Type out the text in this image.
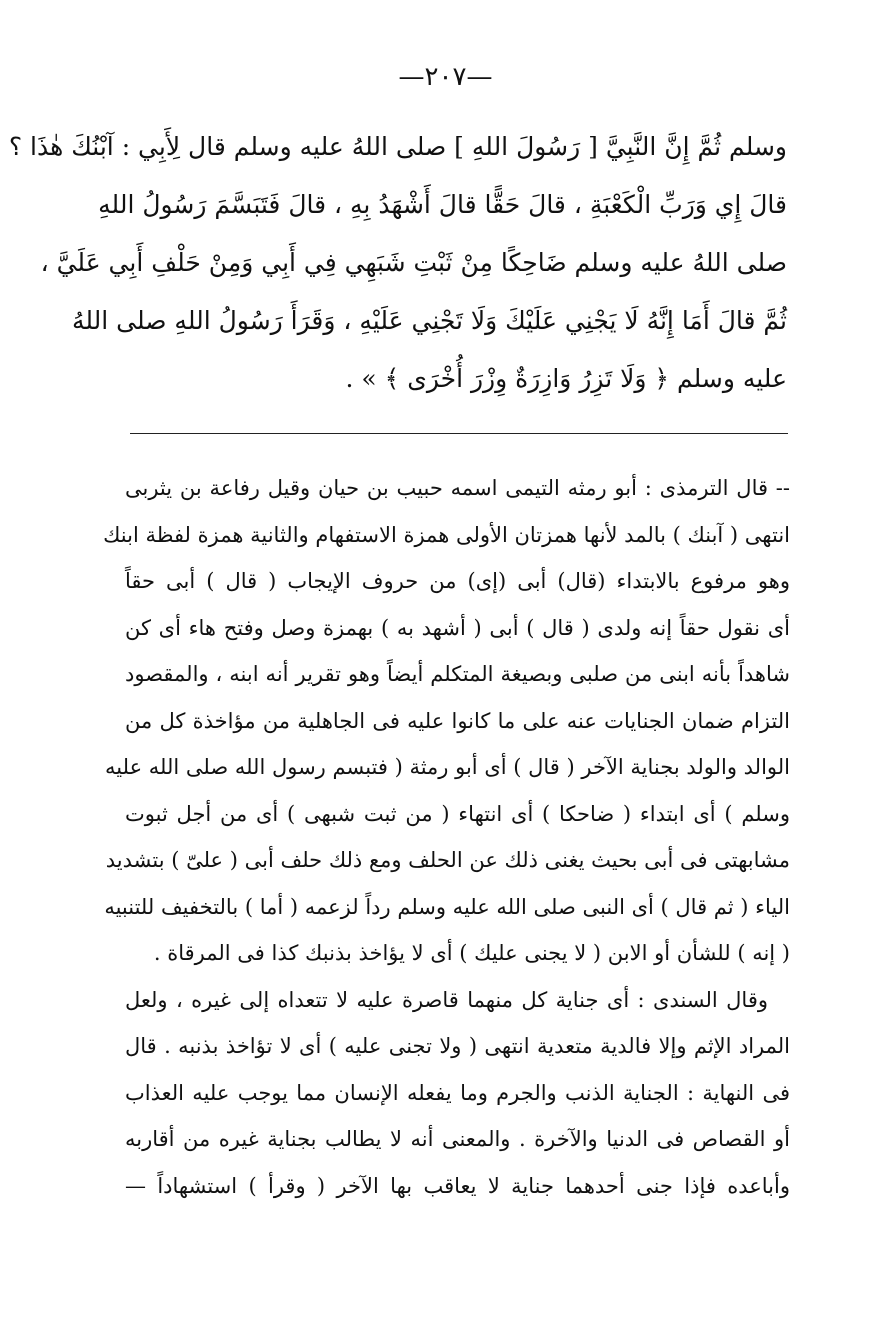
—٢٠٧—
وسلم ثُمَّ إِنَّ النَّبِيَّ [ رَسُولَ اللهِ ] صلى اللهُ عليه وسلم قال لِأَبِي : آبْنُكَ هٰذَا ؟
قالَ إِي وَرَبِّ الْكَعْبَةِ ، قالَ حَقًّا قالَ أَشْهَدُ بِهِ ، قالَ فَتَبَسَّمَ رَسُولُ اللهِ
صلى اللهُ عليه وسلم ضَاحِكًا مِنْ ثَبْتِ شَبَهِي فِي أَبِي وَمِنْ حَلْفِ أَبِي عَلَيَّ ،
ثُمَّ قالَ أَمَا إِنَّهُ لَا يَجْنِي عَلَيْكَ وَلَا تَجْنِي عَلَيْهِ ، وَقَرَأَ رَسُولُ اللهِ صلى اللهُ
عليه وسلم ﴿ وَلَا تَزِرُ وَازِرَةٌ وِزْرَ أُخْرَى ﴾ » .
-- قال الترمذى : أبو رمثه التيمى اسمه حبيب بن حيان وقيل رفاعة بن يثربى
انتهى ( آبنك ) بالمد لأنها همزتان الأولى همزة الاستفهام والثانية همزة لفظة ابنك
وهو مرفوع بالابتداء (قال) أبى (إى) من حروف الإيجاب ( قال ) أبى حقاً
أى نقول حقاً إنه ولدى ( قال ) أبى ( أشهد به ) بهمزة وصل وفتح هاء أى كن
شاهداً بأنه ابنى من صلبى وبصيغة المتكلم أيضاً وهو تقرير أنه ابنه ، والمقصود
التزام ضمان الجنايات عنه على ما كانوا عليه فى الجاهلية من مؤاخذة كل من
الوالد والولد بجناية الآخر ( قال ) أى أبو رمثة ( فتبسم رسول الله صلى الله عليه
وسلم ) أى ابتداء ( ضاحكا ) أى انتهاء ( من ثبت شبهى ) أى من أجل ثبوت
مشابهتى فى أبى بحيث يغنى ذلك عن الحلف ومع ذلك حلف أبى ( علىّ ) بتشديد
الياء ( ثم قال ) أى النبى صلى الله عليه وسلم رداً لزعمه ( أما ) بالتخفيف للتنبيه
( إنه ) للشأن أو الابن ( لا يجنى عليك ) أى لا يؤاخذ بذنبك كذا فى المرقاة .
وقال السندى : أى جناية كل منهما قاصرة عليه لا تتعداه إلى غيره ، ولعل
المراد الإثم وإلا فالدية متعدية انتهى ( ولا تجنى عليه ) أى لا تؤاخذ بذنبه . قال
فى النهاية : الجناية الذنب والجرم وما يفعله الإنسان مما يوجب عليه العذاب
أو القصاص فى الدنيا والآخرة . والمعنى أنه لا يطالب بجناية غيره من أقاربه
وأباعده فإذا جنى أحدهما جناية لا يعاقب بها الآخر ( وقرأ ) استشهاداً —
